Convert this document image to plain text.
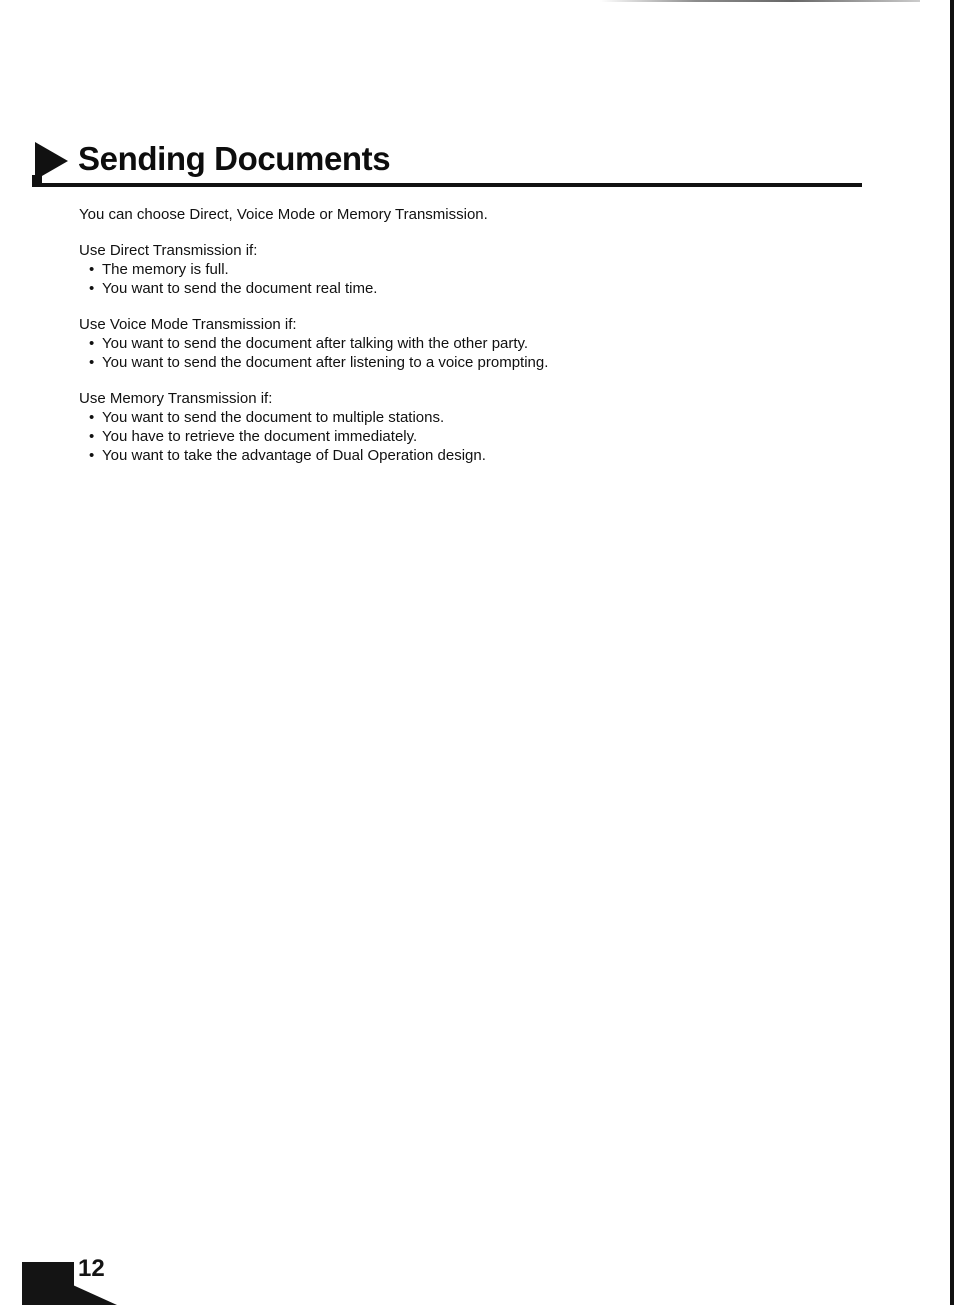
Sending Documents

You can choose Direct, Voice Mode or Memory Transmission.

Use Direct Transmission if:

• The memory is full.
• You want to send the document real time.

Use Voice Mode Transmission if:

• You want to send the document after talking with the other party.
• You want to send the document after listening to a voice prompting.

Use Memory Transmission if:

• You want to send the document to multiple stations.
• You have to retrieve the document immediately.
• You want to take the advantage of Dual Operation design.
12
